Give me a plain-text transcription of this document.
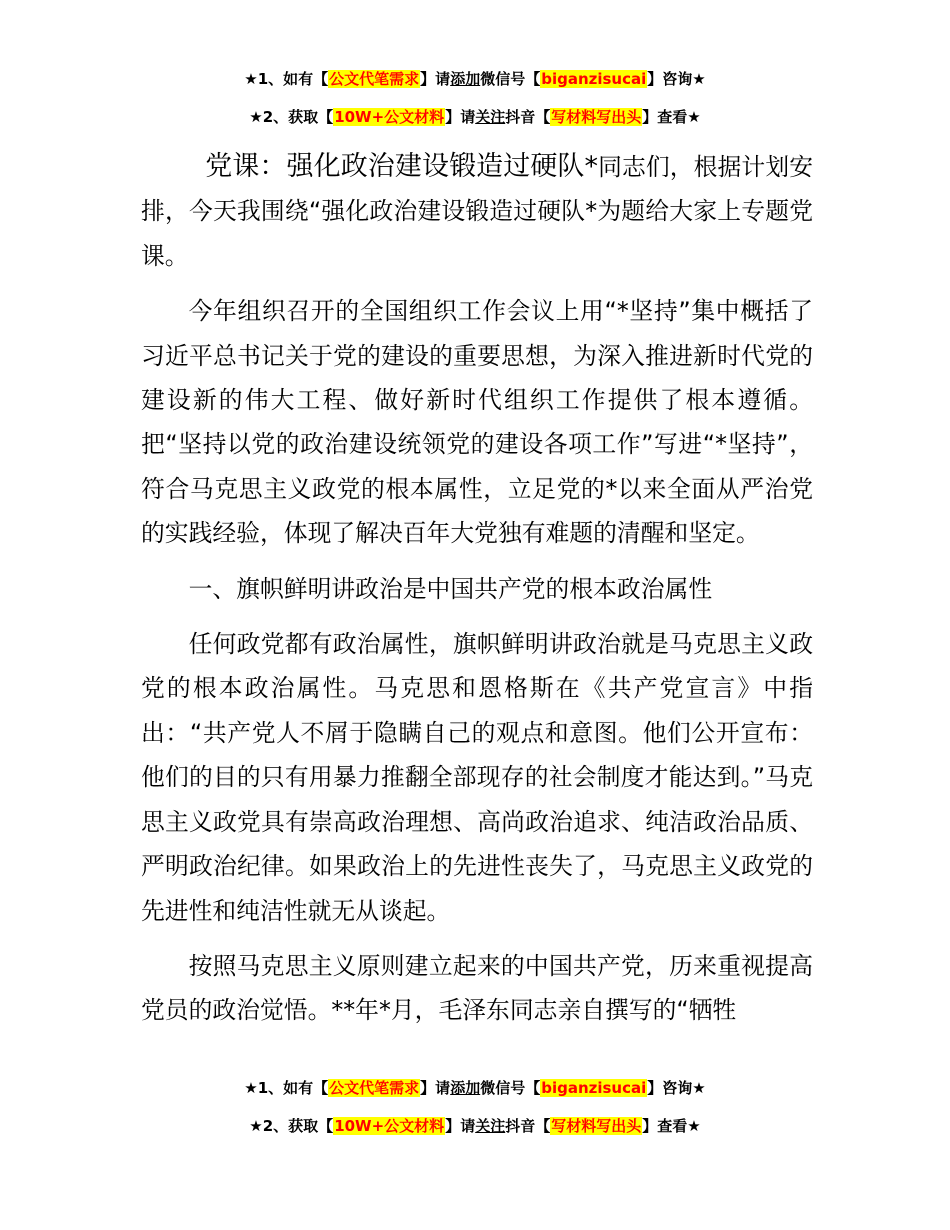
★1、如有【公文代笔需求】请添加微信号【biganzisucai】咨询★
★2、获取【10W+公文材料】请关注抖音【写材料写出头】查看★

党课：强化政治建设锻造过硬队*同志们，根据计划安排，今天我围绕“强化政治建设锻造过硬队*为题给大家上专题党课。

今年组织召开的全国组织工作会议上用“*坚持”集中概括了习近平总书记关于党的建设的重要思想，为深入推进新时代党的建设新的伟大工程、做好新时代组织工作提供了根本遵循。把“坚持以党的政治建设统领党的建设各项工作”写进“*坚持”，符合马克思主义政党的根本属性，立足党的*以来全面从严治党的实践经验，体现了解决百年大党独有难题的清醒和坚定。

一、旗帜鲜明讲政治是中国共产党的根本政治属性

任何政党都有政治属性，旗帜鲜明讲政治就是马克思主义政党的根本政治属性。马克思和恩格斯在《共产党宣言》中指出：“共产党人不屑于隐瞒自己的观点和意图。他们公开宣布：他们的目的只有用暴力推翻全部现存的社会制度才能达到。”马克思主义政党具有崇高政治理想、高尚政治追求、纯洁政治品质、严明政治纪律。如果政治上的先进性丧失了，马克思主义政党的先进性和纯洁性就无从谈起。

按照马克思主义原则建立起来的中国共产党，历来重视提高党员的政治觉悟。**年*月，毛泽东同志亲自撰写的“牺牲

★1、如有【公文代笔需求】请添加微信号【biganzisucai】咨询★
★2、获取【10W+公文材料】请关注抖音【写材料写出头】查看★
